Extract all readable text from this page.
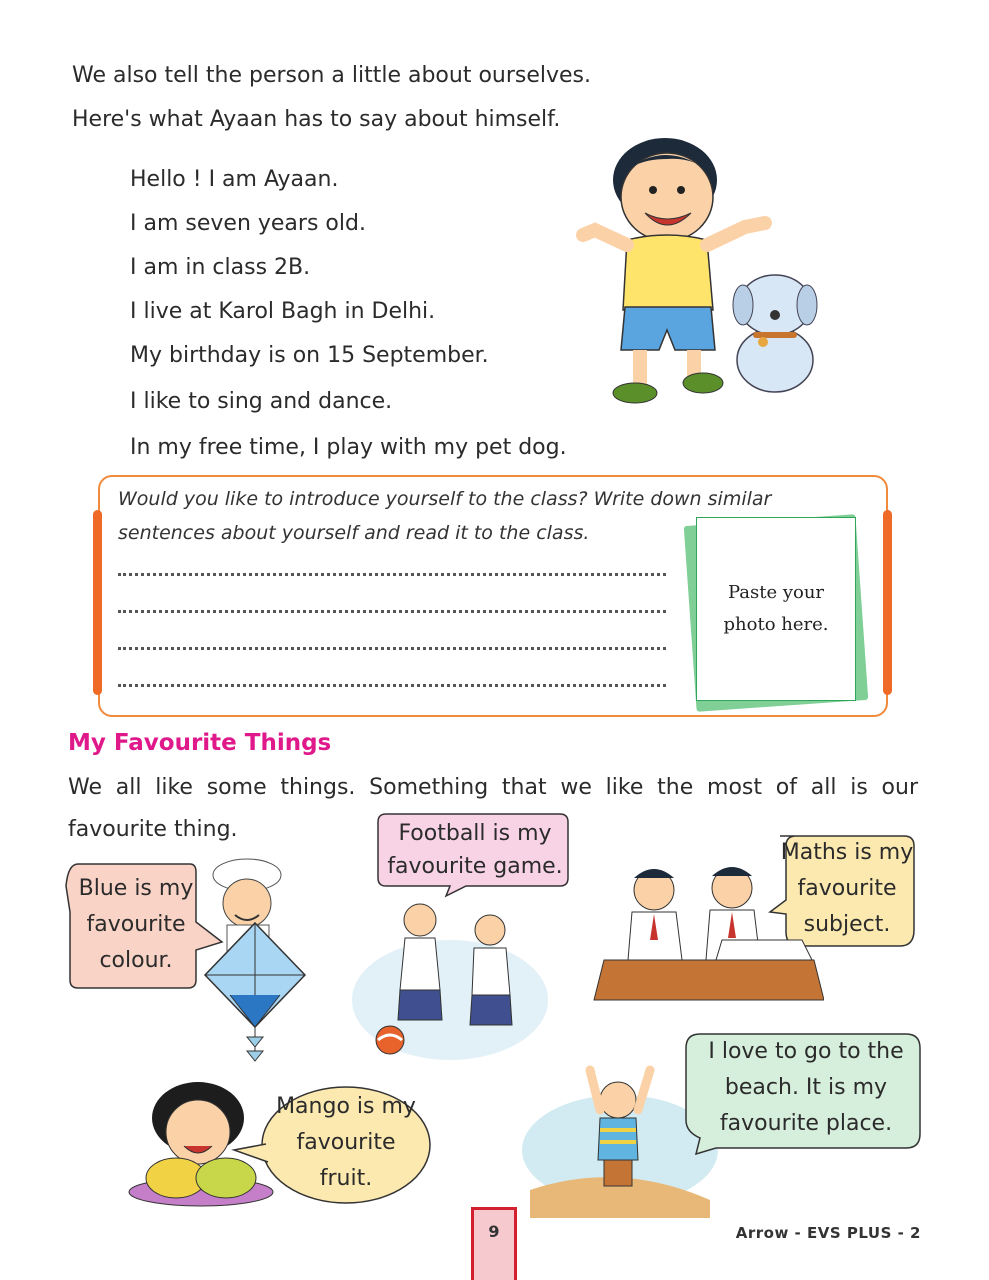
We also tell the person a little about ourselves.
Here's what Ayaan has to say about himself.
Hello ! I am Ayaan.
I am seven years old.
I am in class 2B.
I live at Karol Bagh in Delhi.
My birthday is on 15 September.
I like to sing and dance.
In my free time, I play with my pet dog.
Would you like to introduce yourself to the class? Write down similar
sentences about yourself and read it to the class.
Paste your
photo here.
My Favourite Things
We all like some things. Something that we like the most of all is our
favourite thing.
Blue is my
favourite
colour.
Football is my
favourite game.
Maths is my
favourite
subject.
Mango is my
favourite
fruit.
I love to go to the
beach. It is my
favourite place.
9	Arrow - EVS PLUS - 2
